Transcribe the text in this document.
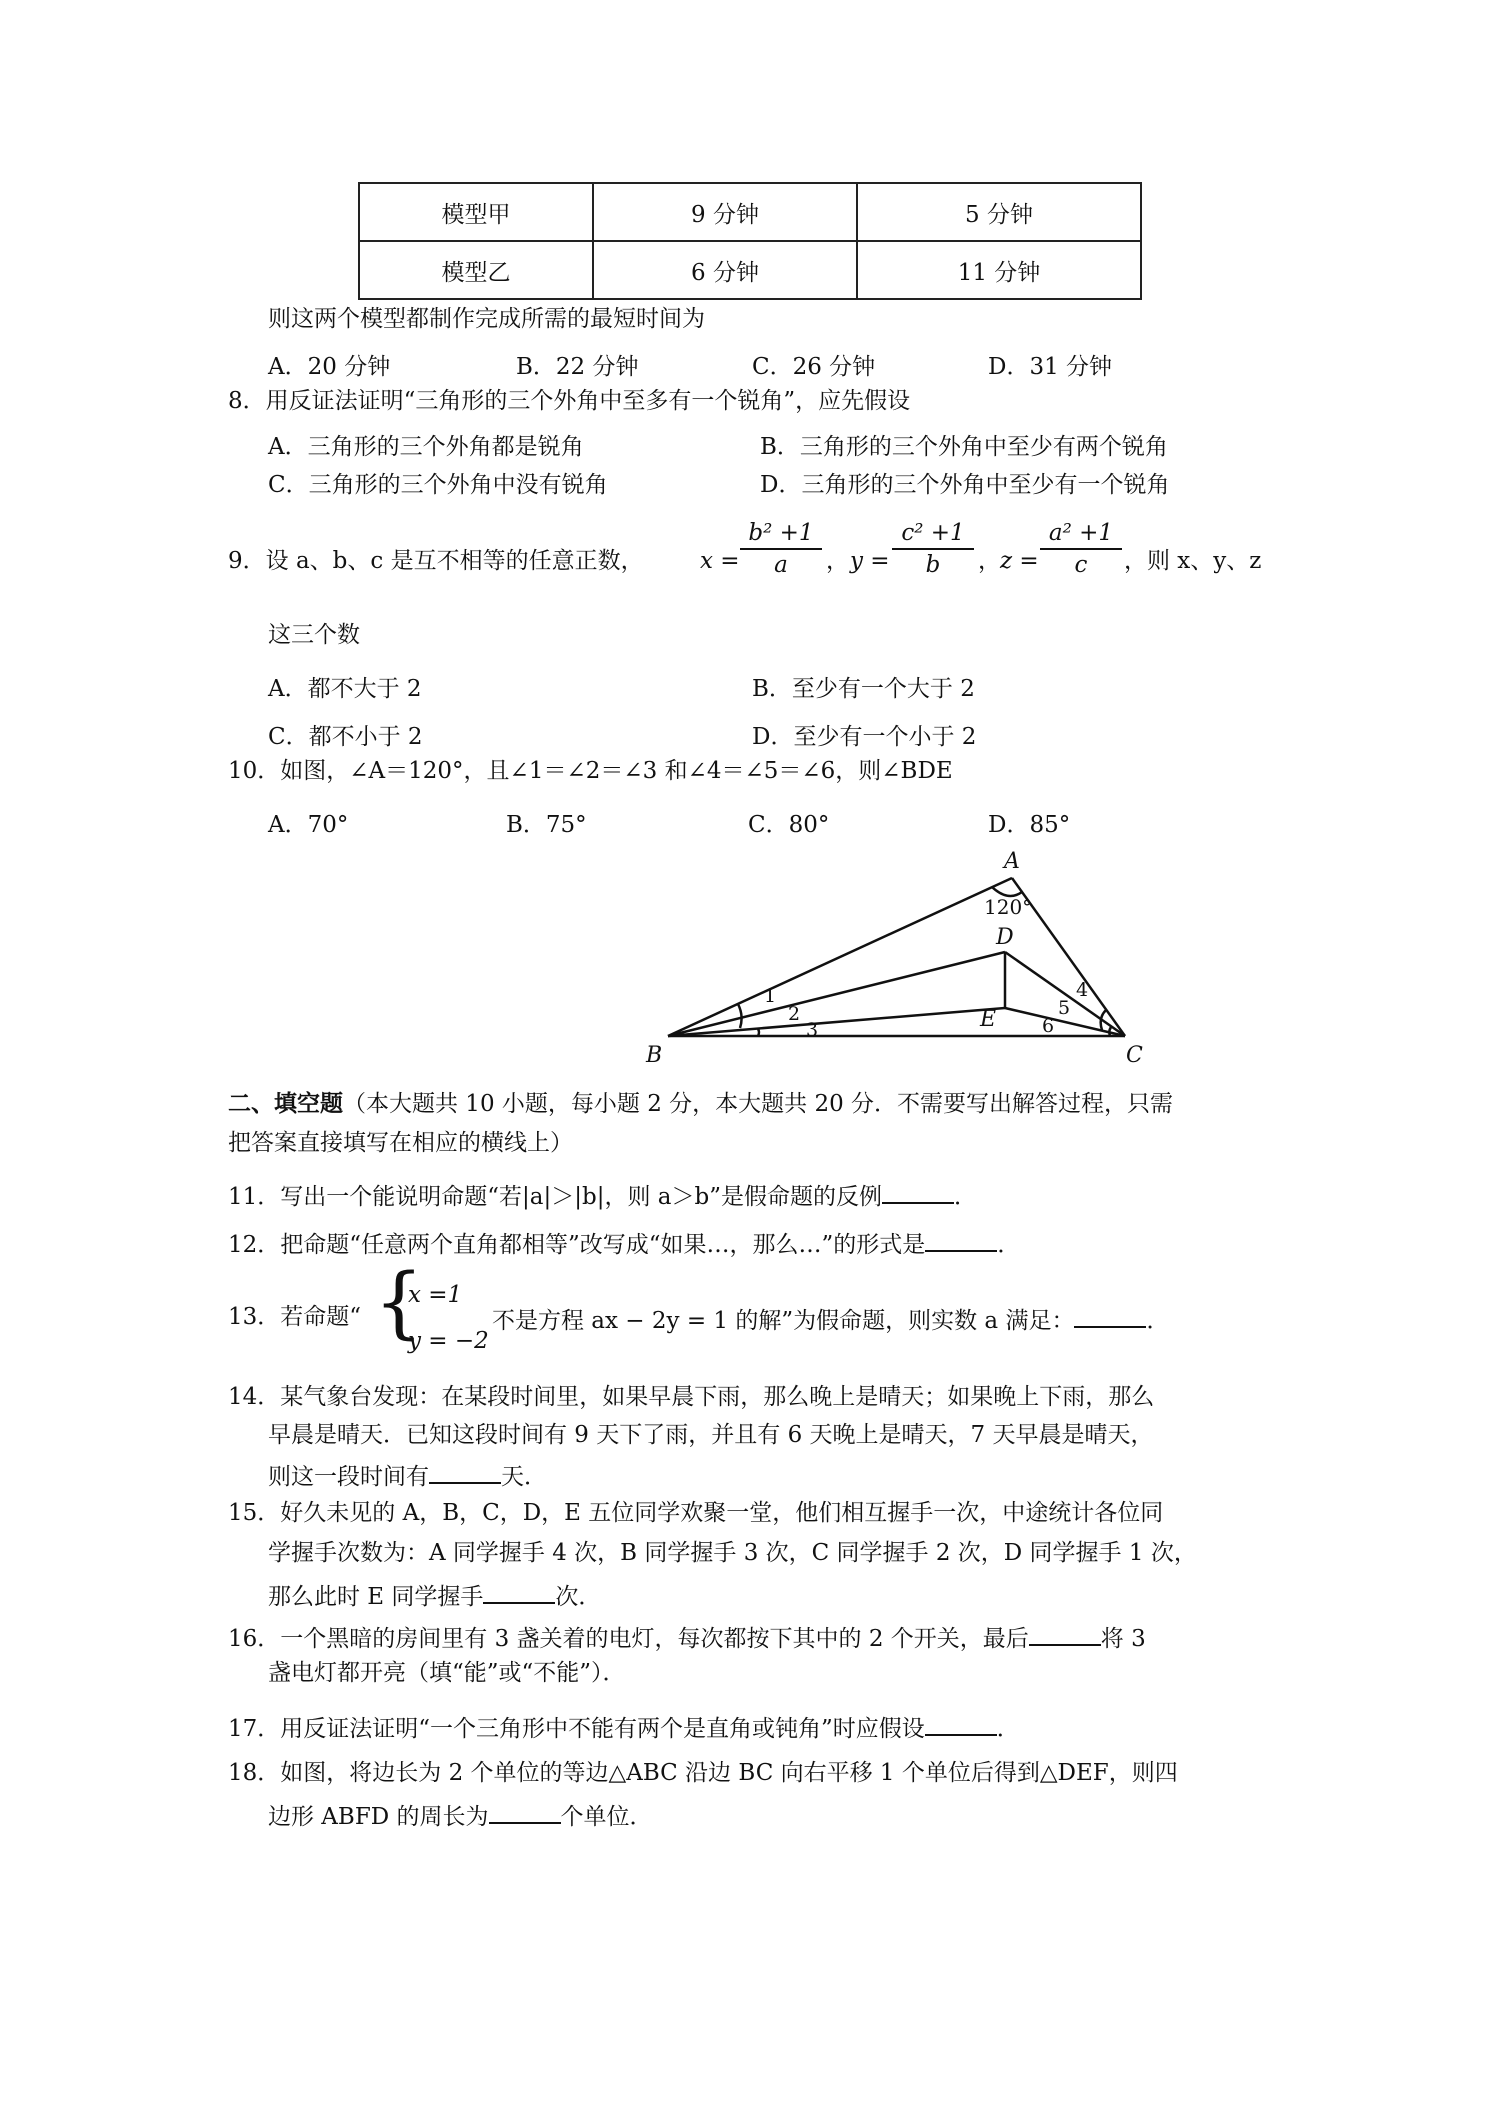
模型甲	9 分钟	5 分钟
模型乙	6 分钟	11 分钟
则这两个模型都制作完成所需的最短时间为
A．20 分钟	B．22 分钟	C．26 分钟	D．31 分钟
8．用反证法证明“三角形的三个外角中至多有一个锐角”，应先假设
A．三角形的三个外角都是锐角	B．三角形的三个外角中至少有两个锐角
C．三角形的三个外角中没有锐角	D．三角形的三个外角中至少有一个锐角
9．设 a、b、c 是互不相等的任意正数， $x = \frac{\text{b² +1}}{a}$ ， $y = \frac{\text{c² +1}}{b}$ ， $z = \frac{\text{a² +1}}{c}$ ，则 x、y、z
这三个数
A．都不大于 2	B．至少有一个大于 2
C．都不小于 2	D．至少有一个小于 2
10．如图，∠A＝120°，且∠1＝∠2＝∠3 和∠4＝∠5＝∠6，则∠BDE
A．70°	B．75°	C．80°	D．85°
A
120°
D
E
B	C
1
2
3
4
5
6
二、填空题（本大题共 10 小题，每小题 2 分，本大题共 20 分．不需要写出解答过程，只需
把答案直接填写在相应的横线上）
11．写出一个能说明命题“若|a|＞|b|，则 a＞b”是假命题的反例	．
12．把命题“任意两个直角都相等”改写成“如果…，那么…”的形式是	．
13．若命题“ {
x =1
y = −2
不是方程 ax − 2y = 1 的解”为假命题，则实数 a 满足：	．
14．某气象台发现：在某段时间里，如果早晨下雨，那么晚上是晴天；如果晚上下雨，那么
早晨是晴天．已知这段时间有 9 天下了雨，并且有 6 天晚上是晴天，7 天早晨是晴天，
则这一段时间有	天．
15．好久未见的 A，B，C，D，E 五位同学欢聚一堂，他们相互握手一次，中途统计各位同
学握手次数为：A 同学握手 4 次，B 同学握手 3 次，C 同学握手 2 次，D 同学握手 1 次，
那么此时 E 同学握手	次．
16．一个黑暗的房间里有 3 盏关着的电灯，每次都按下其中的 2 个开关，最后	将 3
盏电灯都开亮（填“能”或“不能”）．
17．用反证法证明“一个三角形中不能有两个是直角或钝角”时应假设	．
18．如图，将边长为 2 个单位的等边△ABC 沿边 BC 向右平移 1 个单位后得到△DEF，则四
边形 ABFD 的周长为	个单位．
